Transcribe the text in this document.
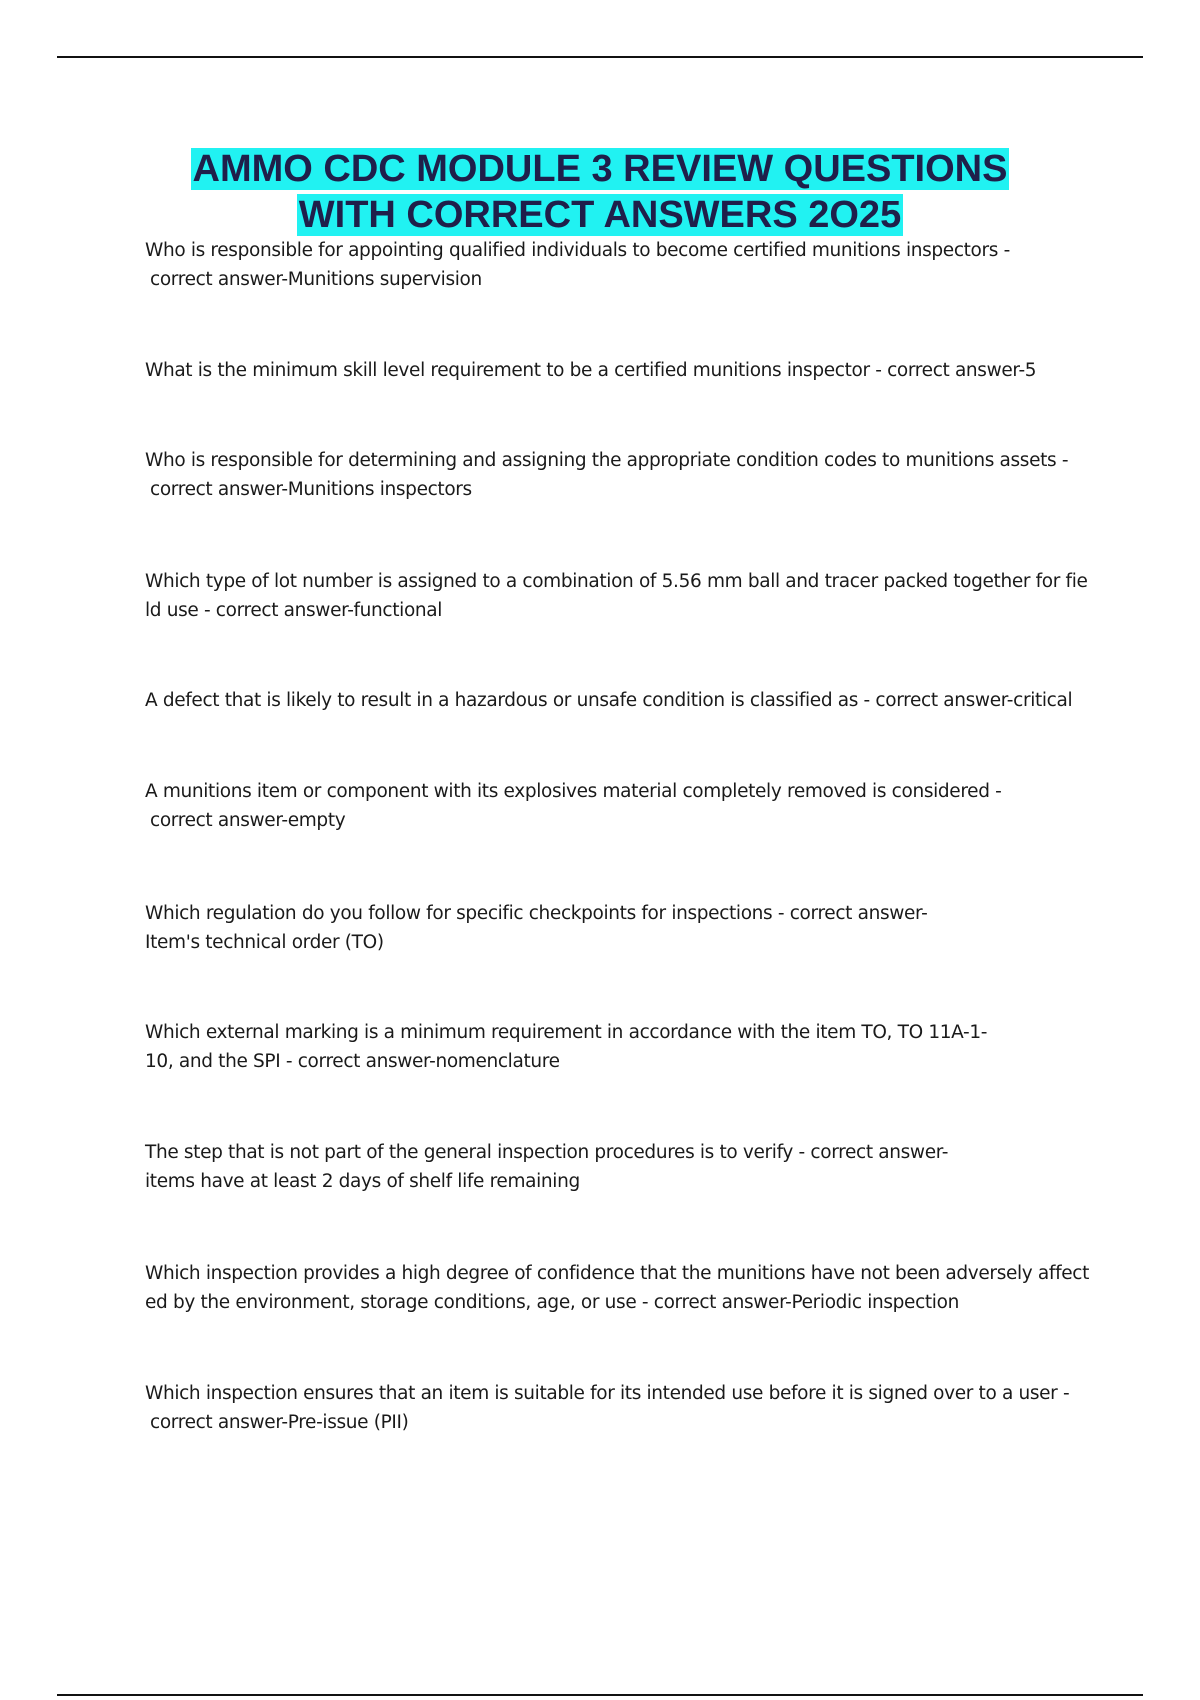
AMMO CDC MODULE 3 REVIEW QUESTIONS
WITH CORRECT ANSWERS 2O25

Who is responsible for appointing qualified individuals to become certified munitions inspectors -
correct answer-Munitions supervision

What is the minimum skill level requirement to be a certified munitions inspector - correct answer-5

Who is responsible for determining and assigning the appropriate condition codes to munitions assets -
correct answer-Munitions inspectors

Which type of lot number is assigned to a combination of 5.56 mm ball and tracer packed together for fie
ld use - correct answer-functional

A defect that is likely to result in a hazardous or unsafe condition is classified as - correct answer-critical

A munitions item or component with its explosives material completely removed is considered -
correct answer-empty

Which regulation do you follow for specific checkpoints for inspections - correct answer-
Item's technical order (TO)

Which external marking is a minimum requirement in accordance with the item TO, TO 11A-1-
10, and the SPI - correct answer-nomenclature

The step that is not part of the general inspection procedures is to verify - correct answer-
items have at least 2 days of shelf life remaining

Which inspection provides a high degree of confidence that the munitions have not been adversely affect
ed by the environment, storage conditions, age, or use - correct answer-Periodic inspection

Which inspection ensures that an item is suitable for its intended use before it is signed over to a user -
correct answer-Pre-issue (PII)
